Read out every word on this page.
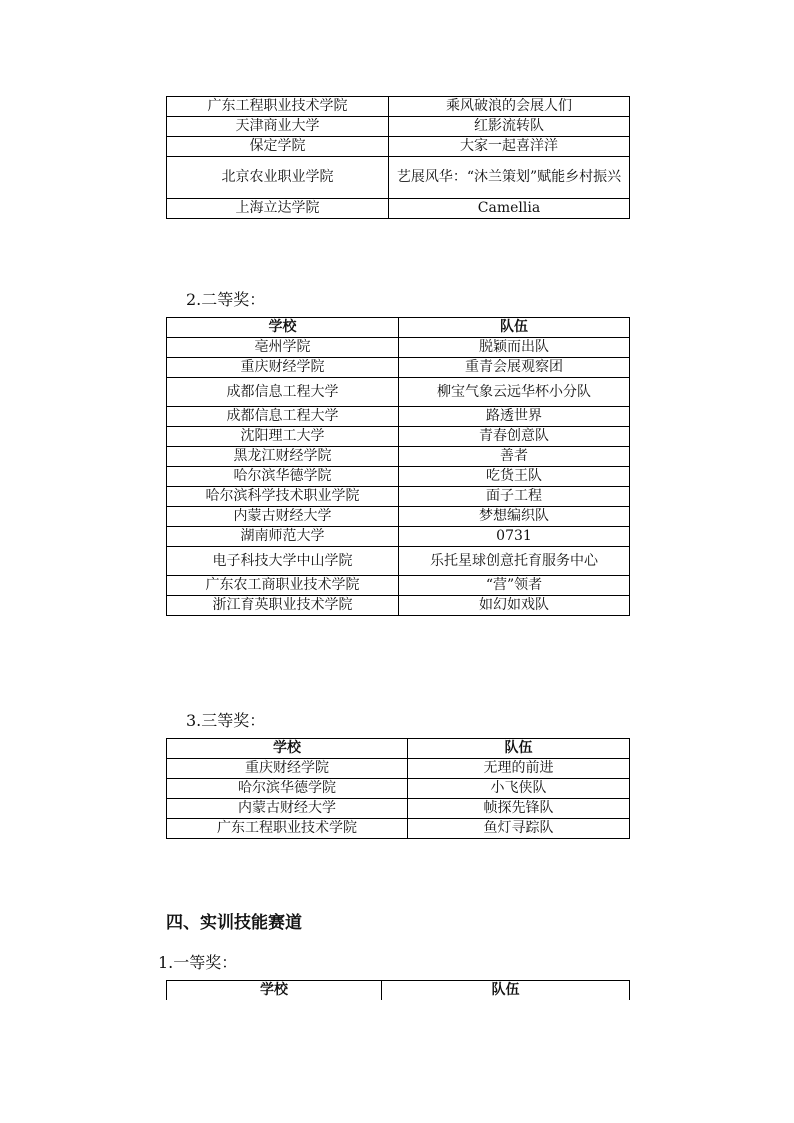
广东工程职业技术学院	乘风破浪的会展人们
天津商业大学	红影流转队
保定学院	大家一起喜洋洋
北京农业职业学院	艺展风华：“沐兰策划”赋能乡村振兴
上海立达学院	Camellia
2.二等奖：
学校	队伍
亳州学院	脱颖而出队
重庆财经学院	重青会展观察团
成都信息工程大学	柳宝气象云远华杯小分队
成都信息工程大学	路透世界
沈阳理工大学	青春创意队
黑龙江财经学院	善者
哈尔滨华德学院	吃货王队
哈尔滨科学技术职业学院	面子工程
内蒙古财经大学	梦想编织队
湖南师范大学	0731
电子科技大学中山学院	乐托星球创意托育服务中心
广东农工商职业技术学院	“营”领者
浙江育英职业技术学院	如幻如戏队
3.三等奖：
学校	队伍
重庆财经学院	无理的前进
哈尔滨华德学院	小飞侠队
内蒙古财经大学	帧探先锋队
广东工程职业技术学院	鱼灯寻踪队
四、实训技能赛道
1.一等奖：
学校	队伍
